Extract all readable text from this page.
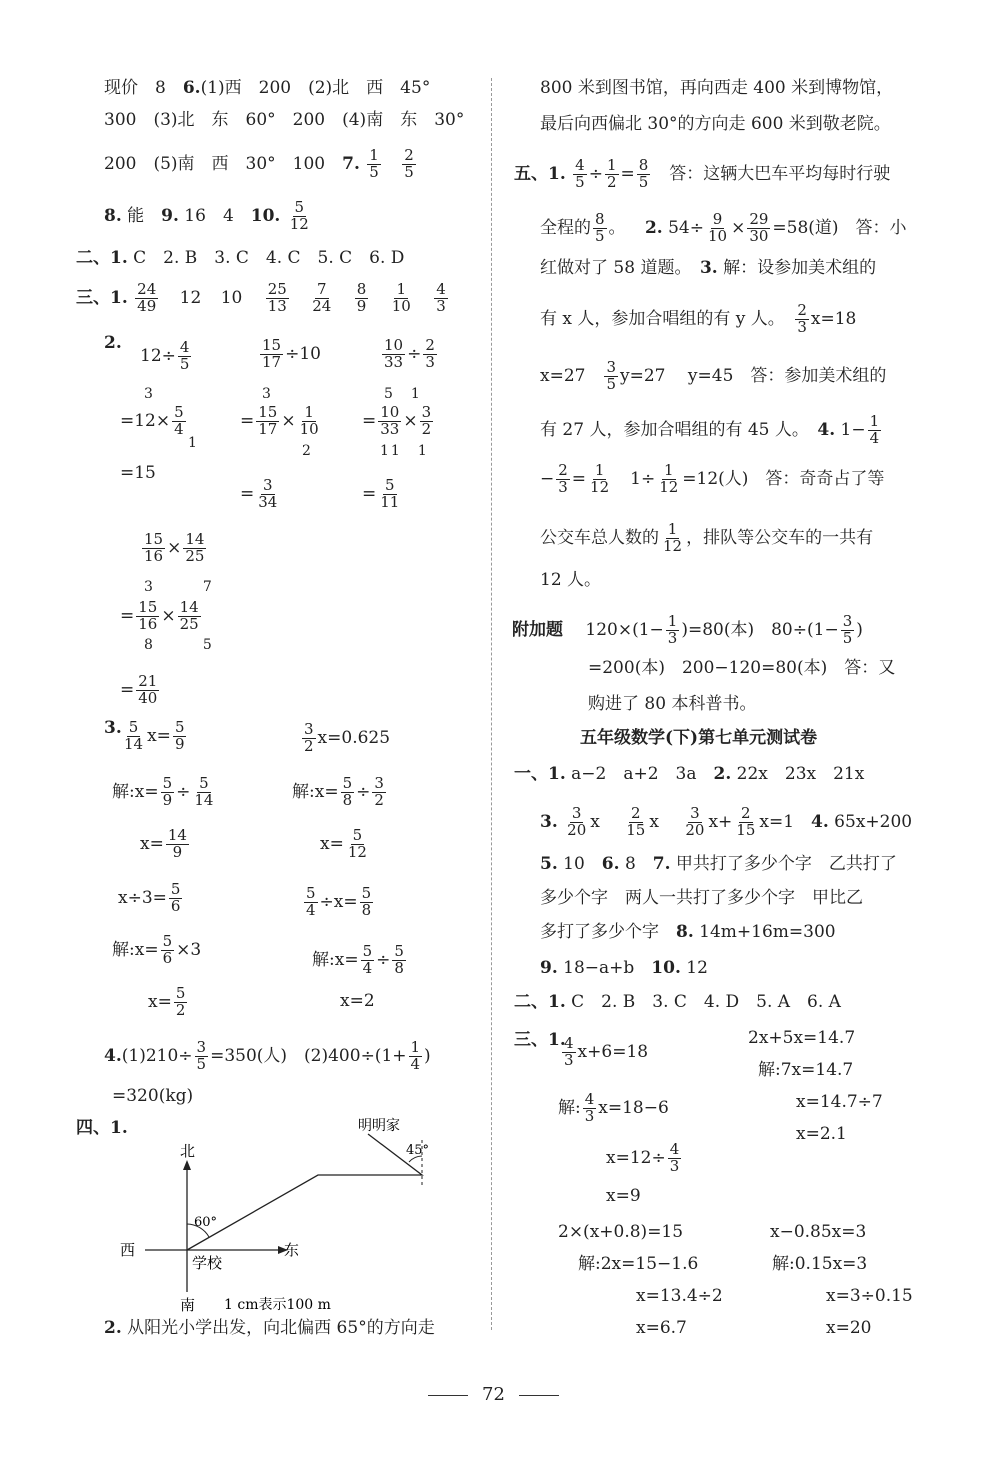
现价　8　6.(1)西　200　(2)北　西　45°
300　(3)北　东　60°　200　(4)南　东　30°
200　(5)南　西　30°　100　7. $\frac{1}{5}$
$\frac{2}{5}$
8. 能　9. 16　4　10. $\frac{5}{12}$
二、1. C　2. B　3. C　4. C　5. C　6. D
三、1. $\frac{24}{49} 12$ $10 \frac{25}{13}$
$\frac{7}{24}$
$\frac{8}{9}$
$\frac{1}{10}$
$\frac{4}{3}$
2.
$12\div \frac{4}{5}$
3
$=12\times \frac{5}{4}$
1
=15
$\frac{15}{17} \div 10$
3
= $\frac{15}{17} \times \frac{1}{10}$
2
= $\frac{3}{34}$
$\frac{10}{33} \div \frac{2}{3}$
5　1
= $\frac{10}{33} \times \frac{3}{2}$
11　1
= $\frac{5}{11}$
$\frac{15}{16} \times \frac{14}{25}$
3　7
= $\frac{15}{16} \times \frac{14}{25}$
8　5
= $\frac{21}{40}$
3. $\frac{5}{14} x= \frac{5}{9}$
解:x= $\frac{5}{9} \div \frac{5}{14}$
$x= \frac{14}{9}$
$\frac{3}{2} x=0.625$
解:x= $\frac{5}{8} \div \frac{3}{2}$
$x= \frac{5}{12}$
$x\div 3= \frac{5}{6}$
解:x= $\frac{5}{6} \times 3$
$x= \frac{5}{2}$
$\frac{5}{4} \div x= \frac{5}{8}$
解:x= $\frac{5}{4} \div \frac{5}{8}$
x=2
$4.(1)210\div \frac{3}{5} =350$(人)　$(2)400\div(1+ \frac{1}{4}$ )
=320(kg)
四、1.
北
南
西	东
学校
60°
明明家
45°
1 cm表示100 m
2. 从阳光小学出发，向北偏西 65°的方向走
800 米到图书馆，再向西走 400 米到博物馆，
最后向西偏北 30°的方向走 600 米到敬老院。
五、1. $\frac{4}{5} \div \frac{1}{2} = \frac{8}{5}$
　 答：这辆大巴车平均每时行驶
全程的 $\frac{8}{5}$ 。 2. $54\div \frac{9}{10} \times \frac{29}{30} =58$(道)　答：小
红做对了 58 道题。　 3. 解：设参加美术组的
有 x 人，参加合唱组的有 y 人。　 $\frac{2}{3} x=18$
x=27　 $\frac{3}{5} y=27$　 y=45　答：参加美术组的
有 27 人，参加合唱组的有 45 人。　 4. $1- \frac{1}{4}$
− $\frac{2}{3} = \frac{1}{12}$ 　$1\div \frac{1}{12} =12$(人)　答：奇奇占了等
公交车总人数的 $\frac{1}{12}$ ，排队等公交车的一共有
12 人。
附加题　 $120\times(1- \frac{1}{3} )=80$(本)　$80\div(1- \frac{3}{5}$ )
=200(本)　200−120=80(本)　答：又
购进了 80 本科普书。
五年级数学(下)第七单元测试卷
一、1. a−2　a+2　3a　2. 22x　23x　21x
3. $\frac{3}{20}$ x　 $\frac{2}{15}$ x　 $\frac{3}{20} x+ \frac{2}{15} x=1$　4. 65x+200
5. 10　6. 8　7. 甲共打了多少个字　乙共打了
多少个字　两人一共打了多少个字　甲比乙
多打了多少个字　8. 14m+16m=300
9. 18−a+b　10. 12
二、1. C　2. B　3. C　4. D　5. A　6. A
三、1.
$\frac{4}{3} x+6=18$
解: $\frac{4}{3} x=18-6$
$x=12\div \frac{4}{3}$
x=9
2x+5x=14.7
解:7x=14.7
x=14.7÷7
x=2.1
2×(x+0.8)=15
解:2x=15−1.6
x=13.4÷2
x=6.7
x−0.85x=3
解:0.15x=3
x=3÷0.15
x=20
72
